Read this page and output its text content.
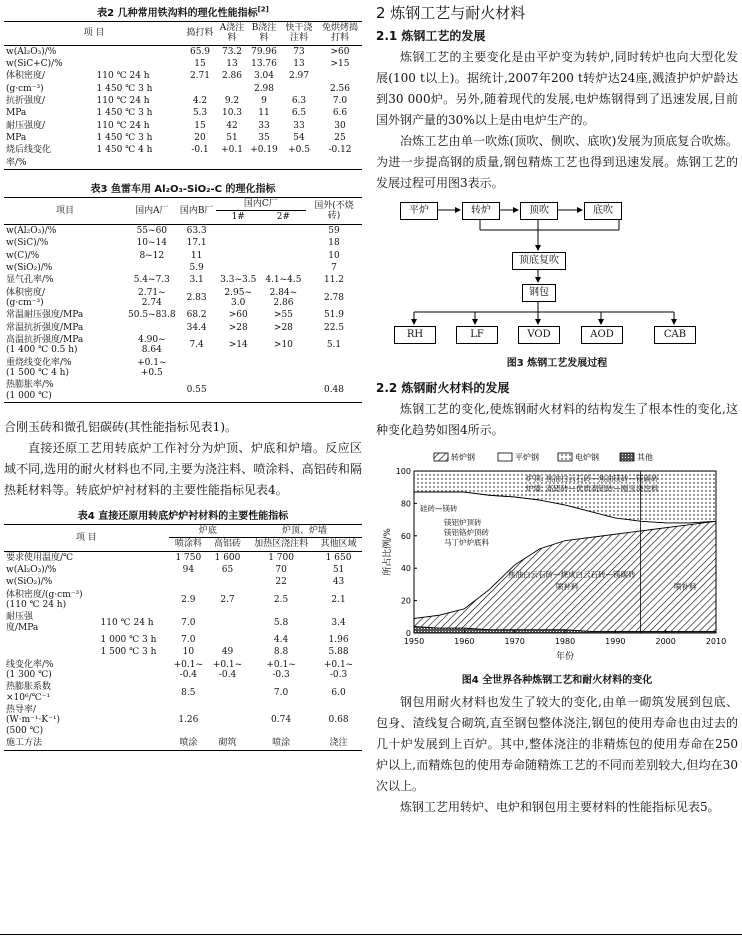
表2 几种常用铁沟料的理化性能指标[2]
项 目		捣打料	A浇注料	B浇注料	快干浇注料	免烘烤捣打料
w(Al₂O₃)/%		65.9	73.2	79.96	73	>60
w(SiC+C)/%		15	13	13.76	13	>15
体积密度/	110 ℃ 24 h	2.71	2.86	3.04	2.97	
(g·cm⁻³)	1 450 ℃ 3 h			2.98		2.56
抗折强度/	110 ℃ 24 h	4.2	9.2	9	6.3	7.0
MPa	1 450 ℃ 3 h	5.3	10.3	11	6.5	6.6
耐压强度/	110 ℃ 24 h	15	42	33	33	30
MPa	1 450 ℃ 3 h	20	51	35	54	25
烧后线变化	1 450 ℃ 4 h	-0.1	+0.1	+0.19	+0.5	-0.12
率/%						
表3 鱼雷车用 Al₂O₃-SiO₂-C 的理化指标
项目	国内A厂	国内B厂	国内C厂		国外(不烧砖)
			1#	2#	
w(Al₂O₃)/%	55~60	63.3			59
w(SiC)/%	10~14	17.1			18
w(C)/%	8~12	11			10
w(SiO₂)/%		5.9			7
显气孔率/%	5.4~7.3	3.1	3.3~3.5	4.1~4.5	11.2
体积密度/
(g·cm⁻³)	2.71~
2.74	2.83	2.95~
3.0	2.84~
2.86	2.78
常温耐压强度/MPa	50.5~83.8	68.2	>60	>55	51.9
常温抗折强度/MPa		34.4	>28	>28	22.5
高温抗折强度/MPa
(1 400 ℃ 0.5 h)	4.90~
8.64	7.4	>14	>10	5.1
重烧线变化率/%
(1 500 ℃ 4 h)	+0.1~
+0.5				
热膨胀率/%
(1 000 ℃)		0.55			0.48

合刚玉砖和微孔铝碳砖(其性能指标见表1)。

直接还原工艺用转底炉工作衬分为炉顶、炉底和炉墙。反应区域不同,选用的耐火材料也不同,主要为浇注料、喷涂料、高铝砖和隔热耗材料等。转底炉炉衬材料的主要性能指标见表4。

表4 直接还原用转底炉炉衬材料的主要性能指标
项 目		炉底		炉顶、炉墙	
		喷涂料	高铝砖	加热区浇注料	其他区域
要求使用温度/℃		1 750	1 600	1 700	1 650
w(Al₂O₃)/%		94	65	70	51
w(SiO₂)/%				22	43
体积密度/(g·cm⁻³)
(110 ℃ 24 h)		2.9	2.7	2.5	2.1
耐压强
度/MPa	110 ℃ 24 h	7.0		5.8	3.4
	1 000 ℃ 3 h	7.0		4.4	1.96
	1 500 ℃ 3 h	10	49	8.8	5.88
线变化率/%
(1 300 ℃)		+0.1~
-0.4	+0.1~
-0.4	+0.1~
-0.3	+0.1~
-0.3
热膨胀系数
×10⁶/℃⁻¹		8.5		7.0	6.0
热导率/
(W·m⁻¹·K⁻¹)
(500 ℃)		1.26		0.74	0.68
施工方法		喷涂	砌筑	喷涂	浇注
2 炼钢工艺与耐火材料
2.1 炼钢工艺的发展

炼钢工艺的主要变化是由平炉变为转炉,同时转炉也向大型化发展(100 t以上)。据统计,2007年200 t转炉达24座,溅渣护炉炉龄达到30 000炉。另外,随着现代的发展,电炉炼钢得到了迅速发展,目前国外钢产量的30%以上是由电炉生产的。

冶炼工艺由单一吹炼(顶吹、侧吹、底吹)发展为顶底复合吹炼。为进一步提高钢的质量,钢包精炼工艺也得到迅速发展。炼钢工艺的发展过程可用图3表示。

平炉	转炉	顶吹	底吹
顶底复吹
钢包
RH	LF	VOD	AOD	CAB
图3 炼钢工艺发展过程
2.2 炼钢耐火材料的发展

炼钢工艺的变化,使炼钢耐火材料的结构发生了根本性的变化,这种变化趋势如图4所示。

1950	1960	1970	1980	1990	2000	2010
0
20
40
60
80
100
年份
所占比例/%
转炉钢	平炉钢	电炉钢	其他
炉顶: 焦油白云石砖—焦油镁砖—镁碳砖
炉墙: 高铝砖—优质高铝砖—刚玉浇注料
硅砖—镁砖
镁铝炉顶砖
镁铝铬炉顶砖
马丁炉炉底料
焦油白云石砖—烧成白云石砖—镁碳砖
喷补料	喷补料
图4 全世界各种炼钢工艺和耐火材料的变化

钢包用耐火材料也发生了较大的变化,由单一砌筑发展到包底、包身、渣线复合砌筑,直至钢包整体浇注,钢包的使用寿命也由过去的几十炉发展到上百炉。其中,整体浇注的非精炼包的使用寿命在250炉以上,而精炼包的使用寿命随精炼工艺的不同而差别较大,但均在30次以上。

炼钢工艺用转炉、电炉和钢包用主要材料的性能指标见表5。
